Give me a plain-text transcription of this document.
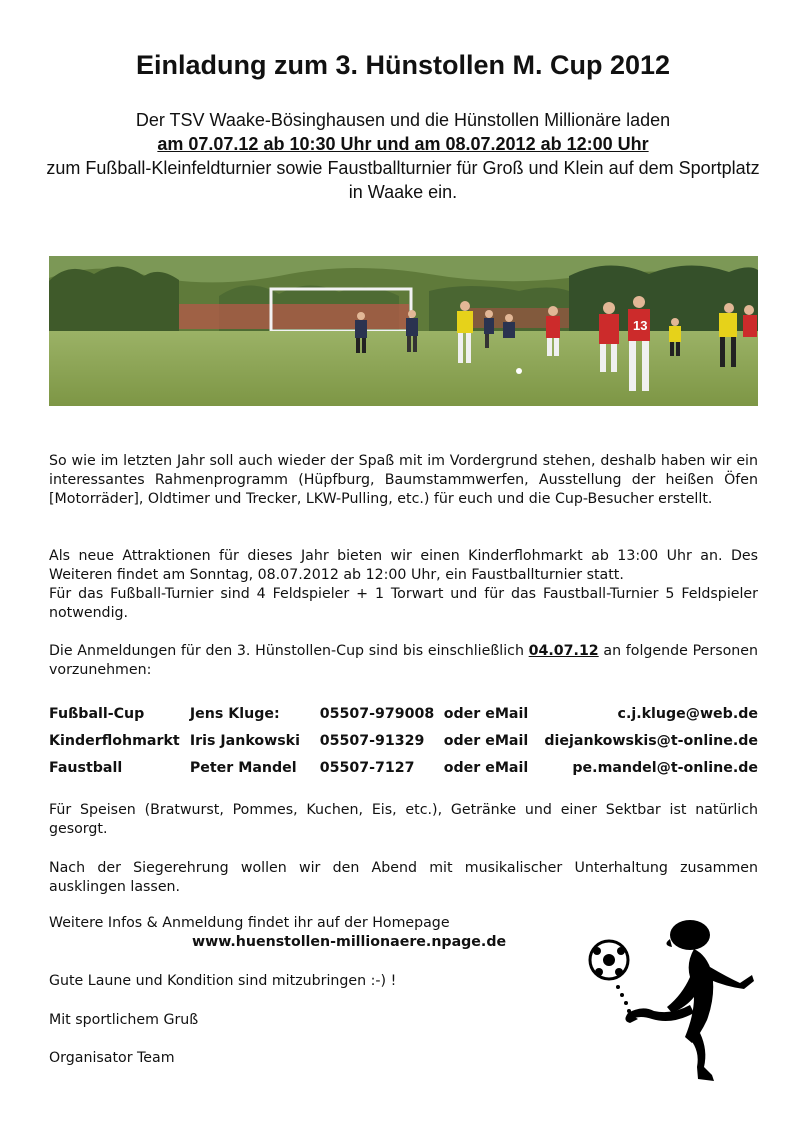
Einladung zum 3. Hünstollen M. Cup 2012
Der TSV Waake-Bösinghausen und die Hünstollen Millionäre laden
am 07.07.12 ab 10:30 Uhr und am 08.07.2012 ab 12:00 Uhr
zum Fußball-Kleinfeldturnier sowie Faustballturnier für Groß und Klein auf dem Sportplatz in Waake ein.
13

So wie im letzten Jahr soll auch wieder der Spaß mit im Vordergrund stehen, deshalb haben wir ein interessantes Rahmenprogramm (Hüpfburg, Baumstammwerfen, Ausstellung der heißen Öfen [Motorräder], Oldtimer und Trecker, LKW-Pulling, etc.) für euch und die Cup-Besucher erstellt.

Als neue Attraktionen für dieses Jahr bieten wir einen Kinderflohmarkt ab 13:00 Uhr an. Des Weiteren findet am Sonntag, 08.07.2012 ab 12:00 Uhr, ein Faustballturnier statt.
Für das Fußball-Turnier sind 4 Feldspieler + 1 Torwart und für das Faustball-Turnier 5 Feldspieler notwendig.

Die Anmeldungen für den 3. Hünstollen-Cup sind bis einschließlich 04.07.12 an folgende Personen vorzunehmen:

Fußball-Cup	Jens Kluge:	05507-979008	oder eMail	c.j.kluge@web.de
Kinderflohmarkt	Iris Jankowski	05507-91329	oder eMail	diejankowskis@t-online.de
Faustball	Peter Mandel	05507-7127	oder eMail	pe.mandel@t-online.de

Für Speisen (Bratwurst, Pommes, Kuchen, Eis, etc.), Getränke und einer Sektbar ist natürlich gesorgt.

Nach der Siegerehrung wollen wir den Abend mit musikalischer Unterhaltung zusammen ausklingen lassen.

Weitere Infos & Anmeldung findet ihr auf der Homepage
www.huenstollen-millionaere.npage.de
Gute Laune und Kondition sind mitzubringen :-) !
Mit sportlichem Gruß
Organisator Team
